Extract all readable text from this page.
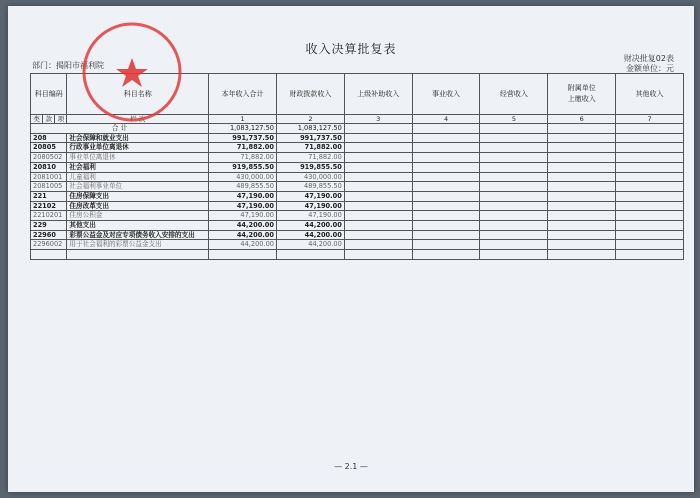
收入决算批复表
财决批复02表
金额单位：元
部门：揭阳市福利院
科目编码			科目名称	本年收入合计	财政拨款收入	上级补助收入	事业收入	经营收入	附属单位
上缴收入	其他收入
类	款	项	栏 次	1	2	3	4	5	6	7
合 计				1,083,127.50	1,083,127.50					
208			社会保障和就业支出	991,737.50	991,737.50					
20805			行政事业单位离退休	71,882.00	71,882.00					
2080502			事业单位离退休	71,882.00	71,882.00					
20810			社会福利	919,855.50	919,855.50					
2081001			儿童福利	430,000.00	430,000.00					
2081005			社会福利事业单位	489,855.50	489,855.50					
221			住房保障支出	47,190.00	47,190.00					
22102			住房改革支出	47,190.00	47,190.00					
2210201			住房公积金	47,190.00	47,190.00					
229			其他支出	44,200.00	44,200.00					
22960			彩票公益金及对应专项债务收入安排的支出	44,200.00	44,200.00					
2296002			用于社会福利的彩票公益金支出	44,200.00	44,200.00					

— 2.1 —
